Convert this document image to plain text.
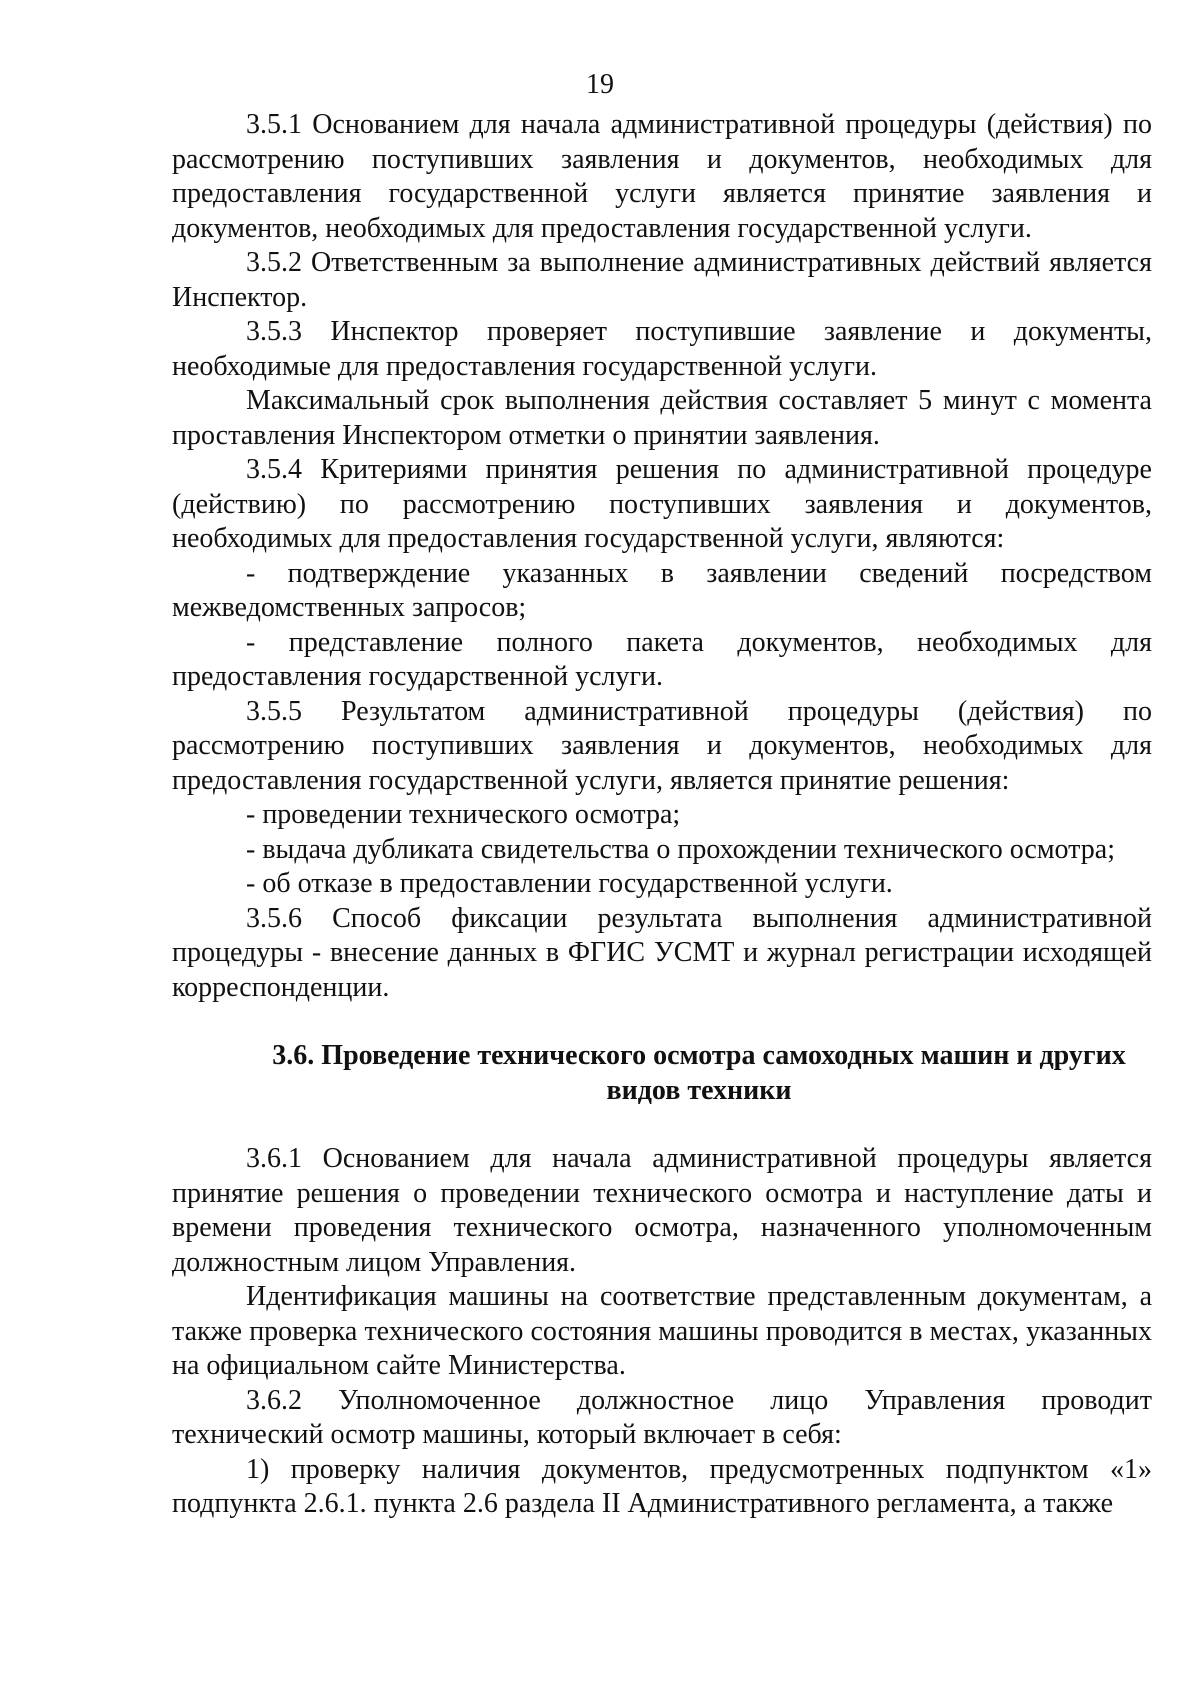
19

3.5.1 Основанием для начала административной процедуры (действия) по рассмотрению поступивших заявления и документов, необходимых для предоставления государственной услуги является принятие заявления и документов, необходимых для предоставления государственной услуги.

3.5.2 Ответственным за выполнение административных действий является Инспектор.

3.5.3 Инспектор проверяет поступившие заявление и документы, необходимые для предоставления государственной услуги.

Максимальный срок выполнения действия составляет 5 минут с момента проставления Инспектором отметки о принятии заявления.

3.5.4 Критериями принятия решения по административной процедуре (действию) по рассмотрению поступивших заявления и документов, необходимых для предоставления государственной услуги, являются:

- подтверждение указанных в заявлении сведений посредством межведомственных запросов;

- представление полного пакета документов, необходимых для предоставления государственной услуги.

3.5.5 Результатом административной процедуры (действия) по рассмотрению поступивших заявления и документов, необходимых для предоставления государственной услуги, является принятие решения:

- проведении технического осмотра;

- выдача дубликата свидетельства о прохождении технического осмотра;

- об отказе в предоставлении государственной услуги.

3.5.6 Способ фиксации результата выполнения административной процедуры - внесение данных в ФГИС УСМТ и журнал регистрации исходящей корреспонденции.

3.6. Проведение технического осмотра самоходных машин и других видов техники

3.6.1 Основанием для начала административной процедуры является принятие решения о проведении технического осмотра и наступление даты и времени проведения технического осмотра, назначенного уполномоченным должностным лицом Управления.

Идентификация машины на соответствие представленным документам, а также проверка технического состояния машины проводится в местах, указанных на официальном сайте Министерства.

3.6.2 Уполномоченное должностное лицо Управления проводит технический осмотр машины, который включает в себя:

1) проверку наличия документов, предусмотренных подпунктом «1» подпункта 2.6.1. пункта 2.6 раздела II Административного регламента, а также
